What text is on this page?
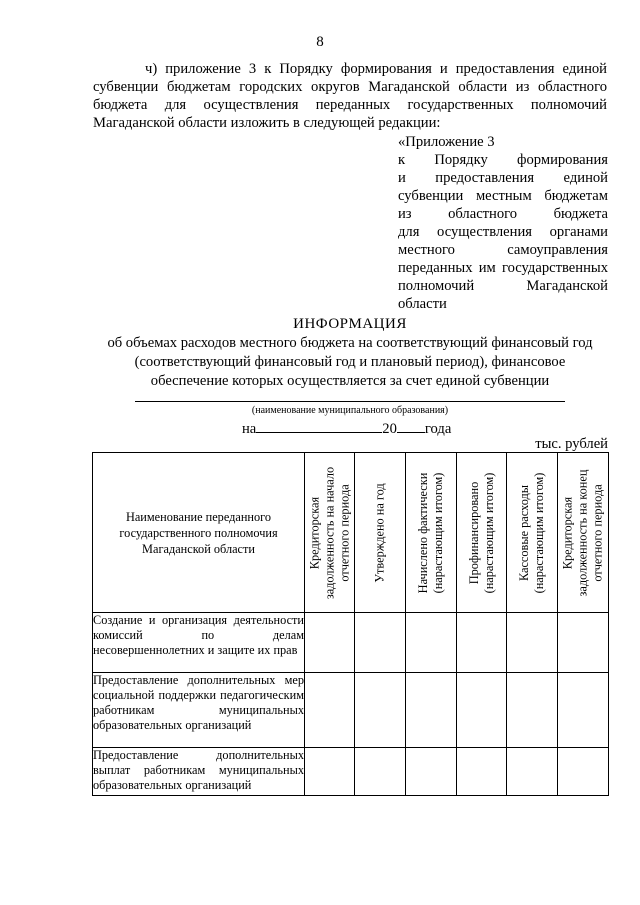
8
ч) приложение 3 к Порядку формирования и предоставления единой субвенции бюджетам городских округов Магаданской области из областного бюджета для осуществления переданных государственных полномочий Магаданской области изложить в следующей редакции:
«Приложение 3
к Порядку формирования
и предоставления единой
субвенции местным бюджетам
из областного бюджета
для осуществления органами
местного самоуправления
переданных им государственных
полномочий Магаданской
области
ИНФОРМАЦИЯ
об объемах расходов местного бюджета на соответствующий финансовый год
(соответствующий финансовый год и плановый период), финансовое
обеспечение которых осуществляется за счет единой субвенции
(наименование муниципального образования)
на	20 года
тыс. рублей
Наименование переданного государственного полномочия Магаданской области	Кредиторская задолженность на начало отчетного периода	Утверждено на год	Начислено фактически (нарастающим итогом)	Профинансировано (нарастающим итогом)	Кассовые расходы (нарастающим итогом)	Кредиторская задолженность на конец отчетного периода

Создание и организация деятельности комиссий по делам несовершеннолетних и защите их прав						
Предоставление дополнительных мер социальной поддержки педагогическим работникам муниципальных образовательных организаций						
Предоставление дополнительных выплат работникам муниципальных образовательных организаций						
